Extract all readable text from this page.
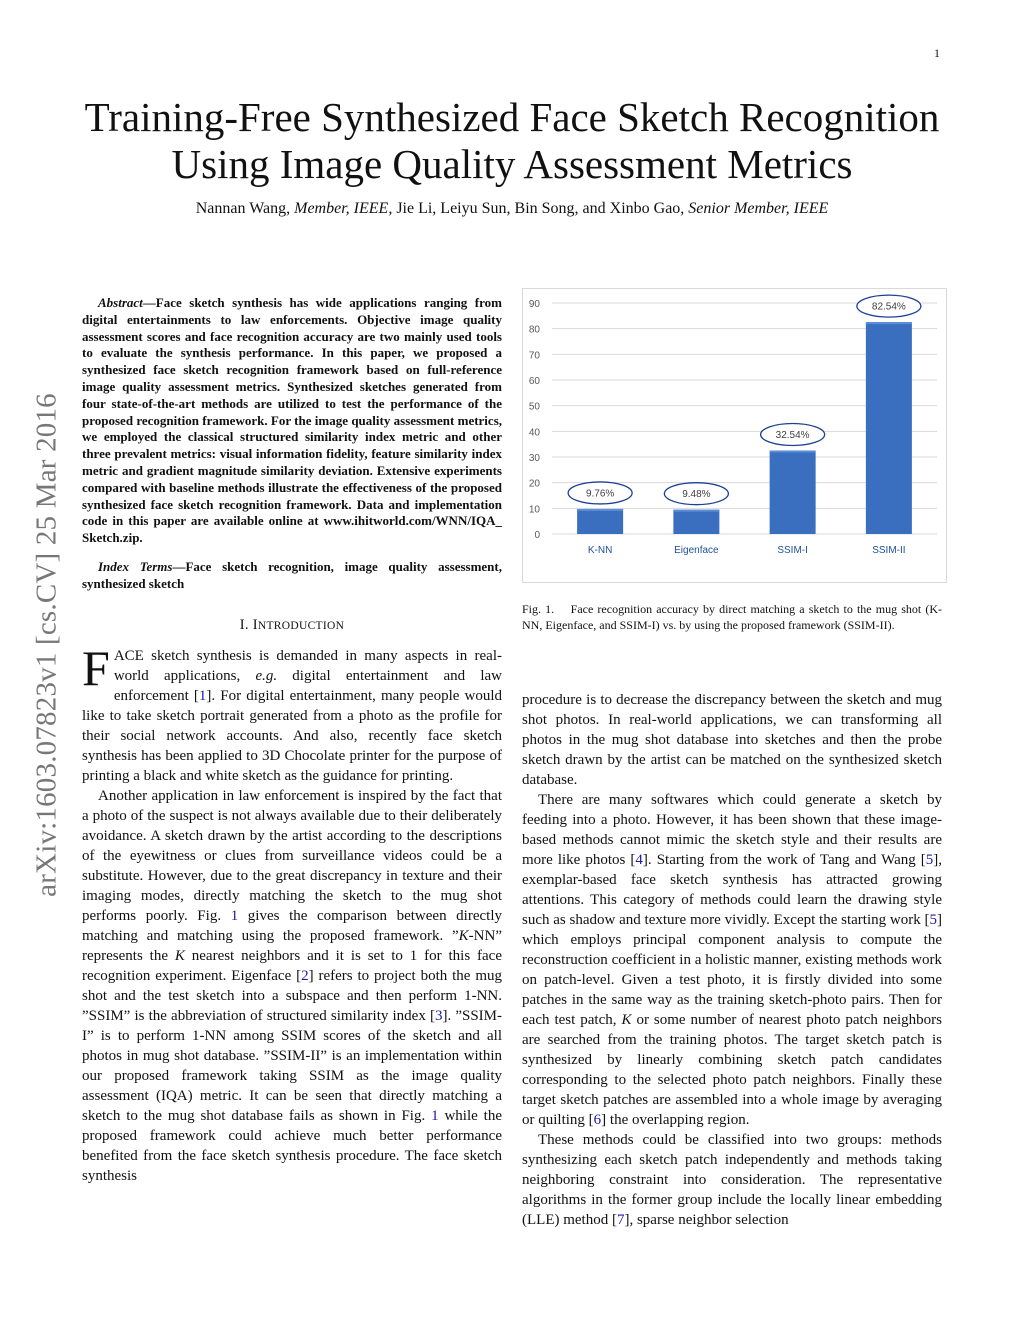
1
arXiv:1603.07823v1 [cs.CV] 25 Mar 2016
Training-Free Synthesized Face Sketch Recognition
Using Image Quality Assessment Metrics
Nannan Wang, Member, IEEE, Jie Li, Leiyu Sun, Bin Song, and Xinbo Gao, Senior Member, IEEE

Abstract—Face sketch synthesis has wide applications ranging from digital entertainments to law enforcements. Objective image quality assessment scores and face recognition accuracy are two mainly used tools to evaluate the synthesis performance. In this paper, we proposed a synthesized face sketch recognition framework based on full-reference image quality assessment metrics. Synthesized sketches generated from four state-of-the-art methods are utilized to test the performance of the proposed recognition framework. For the image quality assessment metrics, we employed the classical structured similarity index metric and other three prevalent metrics: visual information fidelity, feature similarity index metric and gradient magnitude similarity deviation. Extensive experiments compared with baseline methods illustrate the effectiveness of the proposed synthesized face sketch recognition framework. Data and implementation code in this paper are available online at www.ihitworld.com/WNN/IQA_ Sketch.zip.

Index Terms—Face sketch recognition, image quality assessment, synthesized sketch

I. INTRODUCTION

FACE sketch synthesis is demanded in many aspects in real-world applications, e.g. digital entertainment and law enforcement [1]. For digital entertainment, many people would like to take sketch portrait generated from a photo as the profile for their social network accounts. And also, recently face sketch synthesis has been applied to 3D Chocolate printer for the purpose of printing a black and white sketch as the guidance for printing.

Another application in law enforcement is inspired by the fact that a photo of the suspect is not always available due to their deliberately avoidance. A sketch drawn by the artist according to the descriptions of the eyewitness or clues from surveillance videos could be a substitute. However, due to the great discrepancy in texture and their imaging modes, directly matching the sketch to the mug shot performs poorly. Fig. 1 gives the comparison between directly matching and matching using the proposed framework. ”K-NN” represents the K nearest neighbors and it is set to 1 for this face recognition experiment. Eigenface [2] refers to project both the mug shot and the test sketch into a subspace and then perform 1-NN. ”SSIM” is the abbreviation of structured similarity index [3]. ”SSIM-I” is to perform 1-NN among SSIM scores of the sketch and all photos in mug shot database. ”SSIM-II” is an implementation within our proposed framework taking SSIM as the image quality assessment (IQA) metric. It can be seen that directly matching a sketch to the mug shot database fails as shown in Fig. 1 while the proposed framework could achieve much better performance benefited from the face sketch synthesis procedure. The face sketch synthesis

0
10
20
30
40
50
60
70
80
90
K-NN
9.76%
Eigenface
9.48%
SSIM-I
32.54%
SSIM-II
82.54%
Fig. 1. Face recognition accuracy by direct matching a sketch to the mug shot (K-NN, Eigenface, and SSIM-I) vs. by using the proposed framework (SSIM-II).

procedure is to decrease the discrepancy between the sketch and mug shot photos. In real-world applications, we can transforming all photos in the mug shot database into sketches and then the probe sketch drawn by the artist can be matched on the synthesized sketch database.

There are many softwares which could generate a sketch by feeding into a photo. However, it has been shown that these image-based methods cannot mimic the sketch style and their results are more like photos [4]. Starting from the work of Tang and Wang [5], exemplar-based face sketch synthesis has attracted growing attentions. This category of methods could learn the drawing style such as shadow and texture more vividly. Except the starting work [5] which employs principal component analysis to compute the reconstruction coefficient in a holistic manner, existing methods work on patch-level. Given a test photo, it is firstly divided into some patches in the same way as the training sketch-photo pairs. Then for each test patch, K or some number of nearest photo patch neighbors are searched from the training photos. The target sketch patch is synthesized by linearly combining sketch patch candidates corresponding to the selected photo patch neighbors. Finally these target sketch patches are assembled into a whole image by averaging or quilting [6] the overlapping region.

These methods could be classified into two groups: methods synthesizing each sketch patch independently and methods taking neighboring constraint into consideration. The representative algorithms in the former group include the locally linear embedding (LLE) method [7], sparse neighbor selection
